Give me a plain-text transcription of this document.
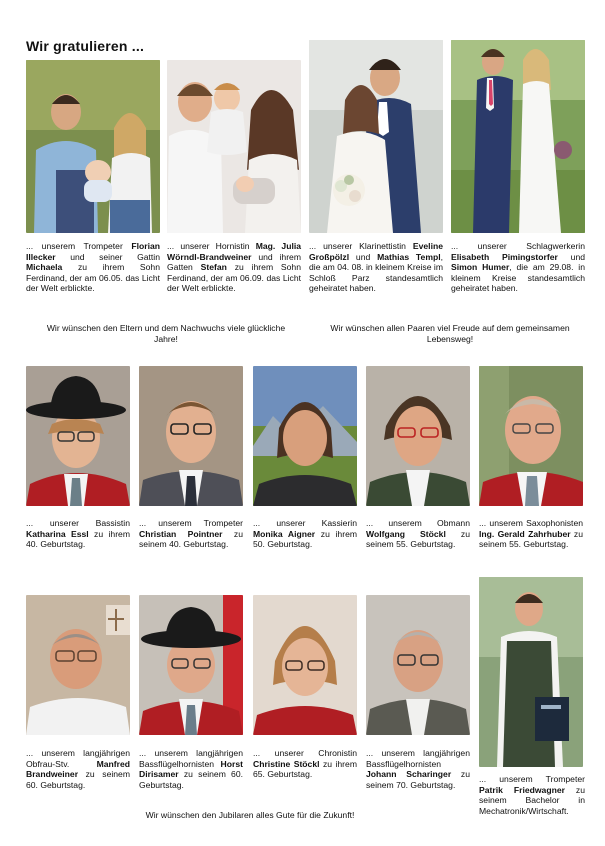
Wir gratulieren ...
... unserem Trompeter Florian Illecker und seiner Gattin Michaela zu ihrem Sohn Ferdinand, der am 06.05. das Licht der Welt erblickte.
... unserer Hornistin Mag. Julia Wörndl-Brandweiner und ihrem Gatten Stefan zu ihrem Sohn Ferdinand, der am 06.09. das Licht der Welt erblickte.
... unserer Klarinettistin Eveline Großpölzl und Mathias Templ, die am 04. 08. in kleinem Kreise im Schloß Parz standesamtlich geheiratet haben.
... unserer Schlagwerkerin Elisabeth Pimingstorfer und Simon Humer, die am 29.08. in kleinem Kreise standesamtlich geheiratet haben.
Wir wünschen den Eltern und dem Nachwuchs viele glückliche Jahre!
Wir wünschen allen Paaren viel Freude auf dem gemeinsamen Lebensweg!
... unserer Bassistin Katharina Essl zu ihrem 40. Geburtstag.
... unserem Trompeter Christian Pointner zu seinem 40. Geburtstag.
... unserer Kassierin Monika Aigner zu ihrem 50. Geburtstag.
... unserem Obmann Wolfgang Stöckl zu seinem 55. Geburtstag.
... unserem Saxophonisten Ing. Gerald Zahrhuber zu seinem 55. Geburtstag.
... unserem langjährigen Obfrau-Stv. Manfred Brandweiner zu seinem 60. Geburtstag.
... unserem langjährigen Bassflügelhornisten Horst Dirisamer zu seinem 60. Geburtstag.
... unserer Chronistin Christine Stöckl zu ihrem 65. Geburtstag.
... unserem langjährigen Bassflügelhornisten Johann Scharinger zu seinem 70. Geburtstag.
... unserem Trompeter Patrik Friedwagner zu seinem Bachelor in Mechatronik/Wirtschaft.
Wir wünschen den Jubilaren alles Gute für die Zukunft!
